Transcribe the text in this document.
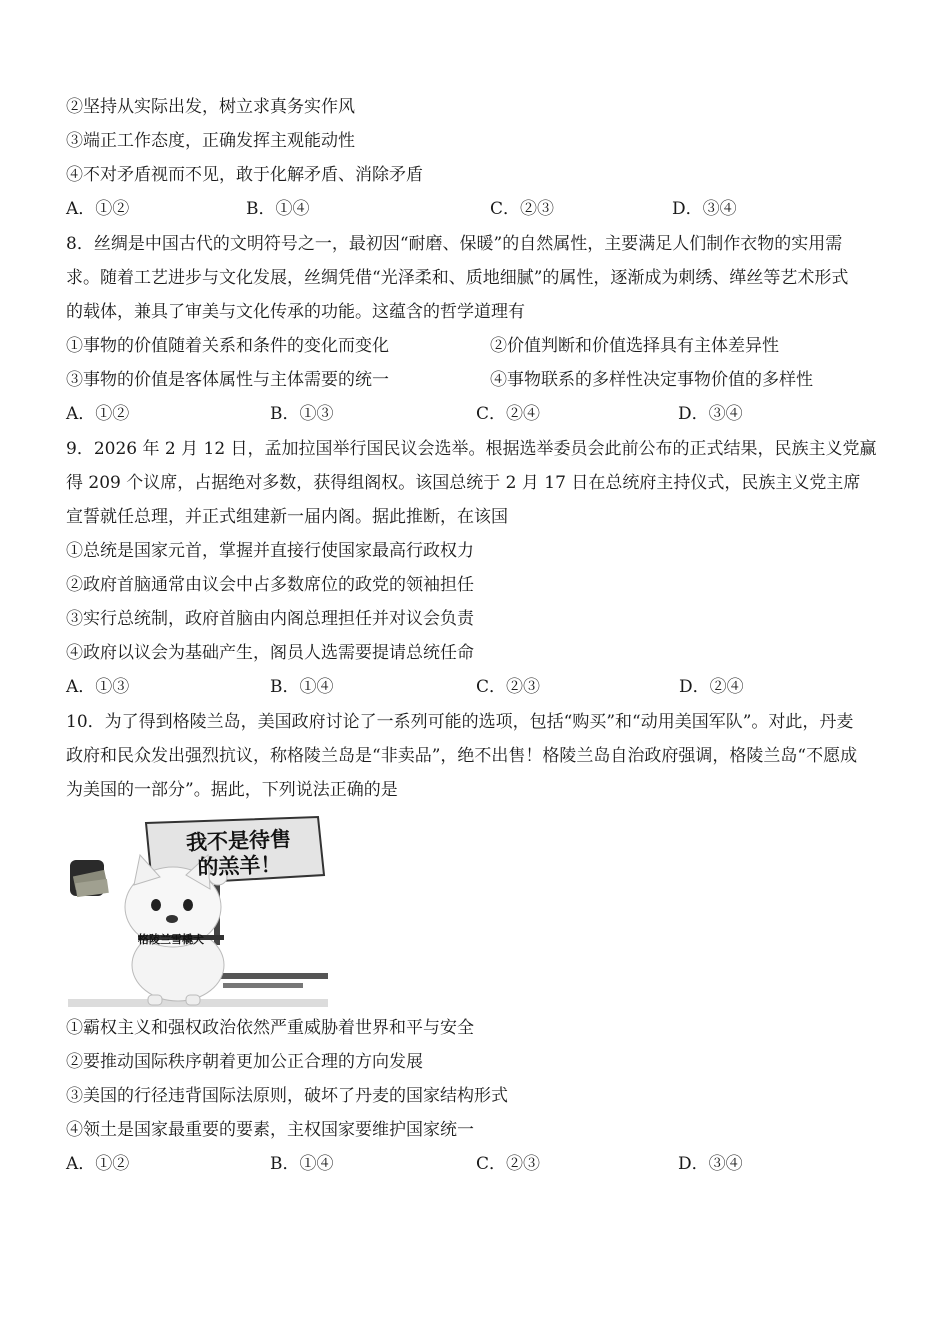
②坚持从实际出发，树立求真务实作风
③端正工作态度，正确发挥主观能动性
④不对矛盾视而不见，敢于化解矛盾、消除矛盾
A．①②	B．①④	C．②③	D．③④
8．丝绸是中国古代的文明符号之一，最初因“耐磨、保暖”的自然属性，主要满足人们制作衣物的实用需
求。随着工艺进步与文化发展，丝绸凭借“光泽柔和、质地细腻”的属性，逐渐成为刺绣、缂丝等艺术形式
的载体，兼具了审美与文化传承的功能。这蕴含的哲学道理有
①事物的价值随着关系和条件的变化而变化	②价值判断和价值选择具有主体差异性
③事物的价值是客体属性与主体需要的统一	④事物联系的多样性决定事物价值的多样性
A．①②	B．①③	C．②④	D．③④
9．2026 年 2 月 12 日，孟加拉国举行国民议会选举。根据选举委员会此前公布的正式结果，民族主义党赢
得 209 个议席，占据绝对多数，获得组阁权。该国总统于 2 月 17 日在总统府主持仪式，民族主义党主席
宣誓就任总理，并正式组建新一届内阁。据此推断，在该国
①总统是国家元首，掌握并直接行使国家最高行政权力
②政府首脑通常由议会中占多数席位的政党的领袖担任
③实行总统制，政府首脑由内阁总理担任并对议会负责
④政府以议会为基础产生，阁员人选需要提请总统任命
A．①③	B．①④	C．②③	D．②④
10．为了得到格陵兰岛，美国政府讨论了一系列可能的选项，包括“购买”和“动用美国军队”。对此，丹麦
政府和民众发出强烈抗议，称格陵兰岛是“非卖品”，绝不出售！格陵兰岛自治政府强调，格陵兰岛“不愿成
为美国的一部分”。据此，下列说法正确的是
我不是待售
的羔羊！
格陵兰雪橇犬
①霸权主义和强权政治依然严重威胁着世界和平与安全
②要推动国际秩序朝着更加公正合理的方向发展
③美国的行径违背国际法原则，破坏了丹麦的国家结构形式
④领土是国家最重要的要素，主权国家要维护国家统一
A．①②	B．①④	C．②③	D．③④
